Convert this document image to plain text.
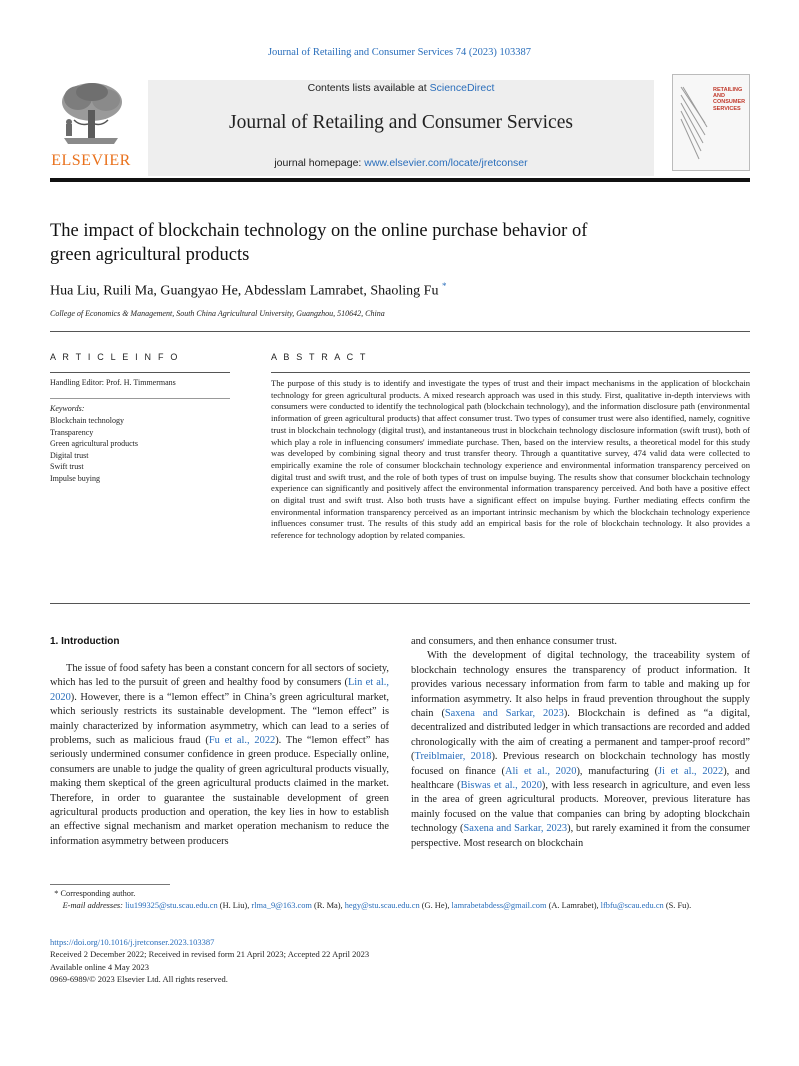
Journal of Retailing and Consumer Services 74 (2023) 103387
ELSEVIER
Contents lists available at ScienceDirect
Journal of Retailing and Consumer Services
journal homepage: www.elsevier.com/locate/jretconser
RETAILING
AND
CONSUMER
SERVICES
The impact of blockchain technology on the online purchase behavior of
green agricultural products
Hua Liu, Ruili Ma, Guangyao He, Abdesslam Lamrabet, Shaoling Fu *
College of Economics & Management, South China Agricultural University, Guangzhou, 510642, China
A R T I C L E I N F O
Handling Editor: Prof. H. Timmermans
Keywords:
Blockchain technology
Transparency
Green agricultural products
Digital trust
Swift trust
Impulse buying
A B S T R A C T
The purpose of this study is to identify and investigate the types of trust and their impact mechanisms in the application of blockchain technology for green agricultural products. A mixed research approach was used in this study. First, qualitative in-depth interviews with consumers were conducted to identify the technological path (blockchain technology), and the information disclosure path (environmental information of green agricultural products) that affect consumer trust. Two types of consumer trust were also identified, namely, cognitive trust in blockchain technology (digital trust), and instantaneous trust in blockchain technology disclosure information (swift trust), both of which play a role in influencing consumers' immediate purchase. Then, based on the interview results, a theoretical model for this study was developed by combining signal theory and trust transfer theory. Through a quantitative survey, 474 valid data were collected to empirically examine the role of consumer blockchain technology experience and environmental information transparency perceived on digital trust and swift trust, and the role of both types of trust on impulse buying. The results show that consumer blockchain technology experience can significantly and positively affect the environmental information transparency perceived. And both have a positive effect on digital trust and swift trust. Also both trusts have a significant effect on impulse buying. Further mediating effects confirm the environmental information transparency perceived as an important intrinsic mechanism by which the blockchain technology experience influences consumer trust. The results of this study add an empirical basis for the role of blockchain technology. It also provides a reference for technology adoption by related companies.
1. Introduction

The issue of food safety has been a constant concern for all sectors of society, which has led to the pursuit of green and healthy food by consumers (Lin et al., 2020). However, there is a “lemon effect” in China’s green agricultural market, which seriously restricts its sustainable development. The “lemon effect” is mainly characterized by information asymmetry, which can lead to a series of problems, such as malicious fraud (Fu et al., 2022). The “lemon effect” has seriously undermined consumer confidence in green produce. Especially online, consumers are unable to judge the quality of green agricultural products visually, making them skeptical of the green agricultural products claimed in the market. Therefore, in order to guarantee the sustainable development of green agricultural products production and operation, the key lies in how to establish an effective signal mechanism and market operation mechanism to reduce the information asymmetry between producers

and consumers, and then enhance consumer trust.

With the development of digital technology, the traceability system of blockchain technology ensures the transparency of product information. It provides various necessary information from farm to table and making up for information asymmetry. It also helps in fraud prevention throughout the supply chain (Saxena and Sarkar, 2023). Blockchain is defined as “a digital, decentralized and distributed ledger in which transactions are recorded and added chronologically with the aim of creating a permanent and tamper-proof record” (Treiblmaier, 2018). Previous research on blockchain technology has mostly focused on finance (Ali et al., 2020), manufacturing (Ji et al., 2022), and healthcare (Biswas et al., 2020), with less research in agriculture, and even less in the area of green agricultural products. Moreover, previous literature has mainly focused on the value that companies can bring by adopting blockchain technology (Saxena and Sarkar, 2023), but rarely examined it from the consumer perspective. Most research on blockchain

* Corresponding author.
E-mail addresses: liu199325@stu.scau.edu.cn (H. Liu), rlma_9@163.com (R. Ma), hegy@stu.scau.edu.cn (G. He), lamrabetabdess@gmail.com (A. Lamrabet), lfbfu@scau.edu.cn (S. Fu).
https://doi.org/10.1016/j.jretconser.2023.103387
Received 2 December 2022; Received in revised form 21 April 2023; Accepted 22 April 2023
Available online 4 May 2023
0969-6989/© 2023 Elsevier Ltd. All rights reserved.
